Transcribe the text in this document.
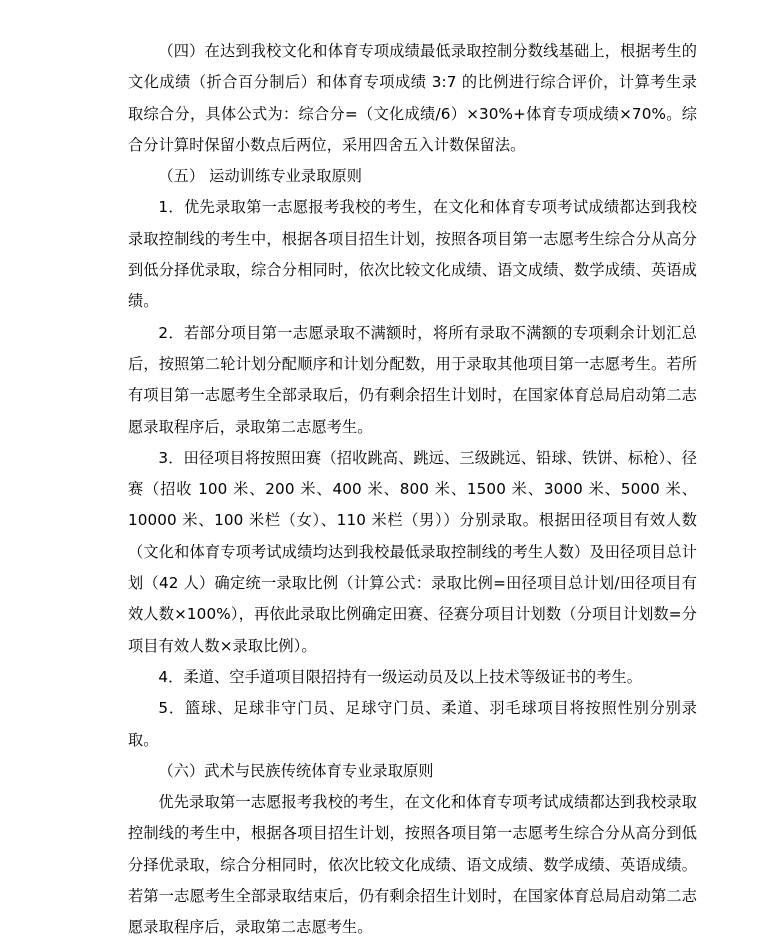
（四）在达到我校文化和体育专项成绩最低录取控制分数线基础上，根据考生的文化成绩（折合百分制后）和体育专项成绩 3:7 的比例进行综合评价，计算考生录取综合分，具体公式为：综合分=（文化成绩/6）×30%+体育专项成绩×70%。综合分计算时保留小数点后两位，采用四舍五入计数保留法。

（五） 运动训练专业录取原则

1．优先录取第一志愿报考我校的考生，在文化和体育专项考试成绩都达到我校录取控制线的考生中，根据各项目招生计划，按照各项目第一志愿考生综合分从高分到低分择优录取，综合分相同时，依次比较文化成绩、语文成绩、数学成绩、英语成绩。

2．若部分项目第一志愿录取不满额时，将所有录取不满额的专项剩余计划汇总后，按照第二轮计划分配顺序和计划分配数，用于录取其他项目第一志愿考生。若所有项目第一志愿考生全部录取后，仍有剩余招生计划时，在国家体育总局启动第二志愿录取程序后，录取第二志愿考生。

3．田径项目将按照田赛（招收跳高、跳远、三级跳远、铅球、铁饼、标枪）、径赛（招收 100 米、200 米、400 米、800 米、1500 米、3000 米、5000 米、10000 米、100 米栏（女）、110 米栏（男））分别录取。根据田径项目有效人数（文化和体育专项考试成绩均达到我校最低录取控制线的考生人数）及田径项目总计划（42 人）确定统一录取比例（计算公式：录取比例=田径项目总计划/田径项目有效人数×100%），再依此录取比例确定田赛、径赛分项目计划数（分项目计划数=分项目有效人数×录取比例）。

4．柔道、空手道项目限招持有一级运动员及以上技术等级证书的考生。

5．篮球、足球非守门员、足球守门员、柔道、羽毛球项目将按照性别分别录取。

（六）武术与民族传统体育专业录取原则

优先录取第一志愿报考我校的考生，在文化和体育专项考试成绩都达到我校录取控制线的考生中，根据各项目招生计划，按照各项目第一志愿考生综合分从高分到低分择优录取，综合分相同时，依次比较文化成绩、语文成绩、数学成绩、英语成绩。若第一志愿考生全部录取结束后，仍有剩余招生计划时，在国家体育总局启动第二志愿录取程序后，录取第二志愿考生。
